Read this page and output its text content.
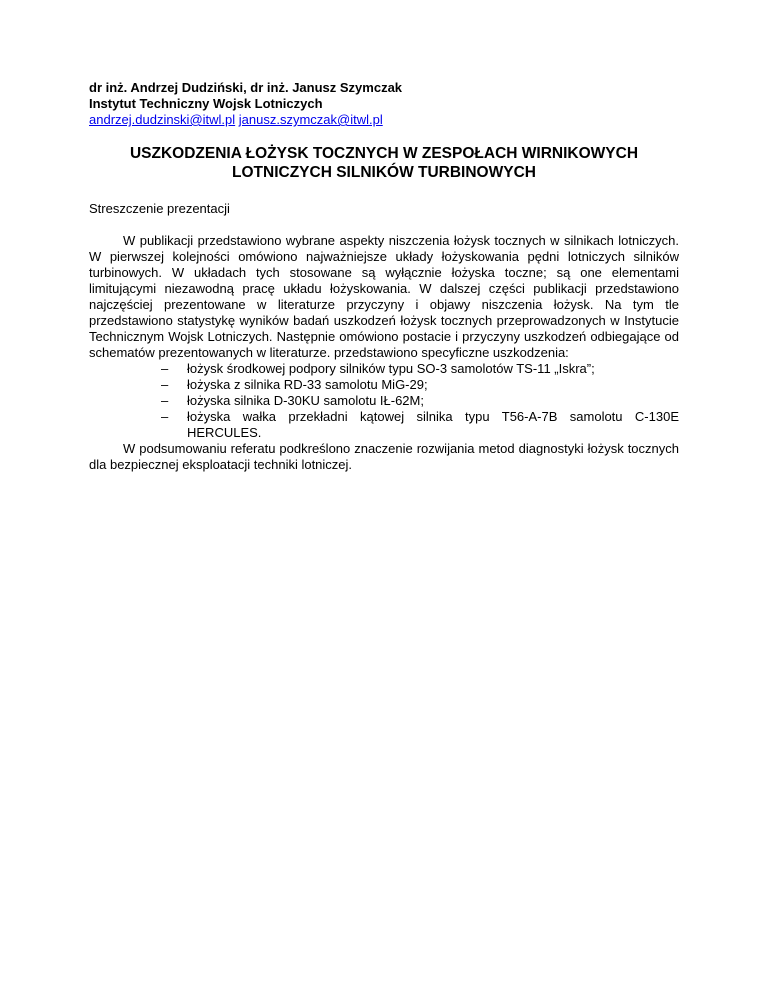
dr inż. Andrzej Dudziński, dr inż. Janusz Szymczak
Instytut Techniczny Wojsk Lotniczych
andrzej.dudzinski@itwl.pl janusz.szymczak@itwl.pl
USZKODZENIA ŁOŻYSK TOCZNYCH W ZESPOŁACH WIRNIKOWYCH
LOTNICZYCH SILNIKÓW TURBINOWYCH
Streszczenie prezentacji
W publikacji przedstawiono wybrane aspekty niszczenia łożysk tocznych w silnikach lotniczych. W pierwszej kolejności omówiono najważniejsze układy łożyskowania pędni lotniczych silników turbinowych. W układach tych stosowane są wyłącznie łożyska toczne; są one elementami limitującymi niezawodną pracę układu łożyskowania. W dalszej części publikacji przedstawiono najczęściej prezentowane w literaturze przyczyny i objawy niszczenia łożysk. Na tym tle przedstawiono statystykę wyników badań uszkodzeń łożysk tocznych przeprowadzonych w Instytucie Technicznym Wojsk Lotniczych. Następnie omówiono postacie i przyczyny uszkodzeń odbiegające od schematów prezentowanych w literaturze. przedstawiono specyficzne uszkodzenia:
– łożysk środkowej podpory silników typu SO-3 samolotów TS-11 „Iskra”;
– łożyska z silnika RD-33 samolotu MiG-29;
– łożyska silnika D-30KU samolotu IŁ-62M;
– łożyska wałka przekładni kątowej silnika typu T56-A-7B samolotu C-130E HERCULES.
W podsumowaniu referatu podkreślono znaczenie rozwijania metod diagnostyki łożysk tocznych dla bezpiecznej eksploatacji techniki lotniczej.
